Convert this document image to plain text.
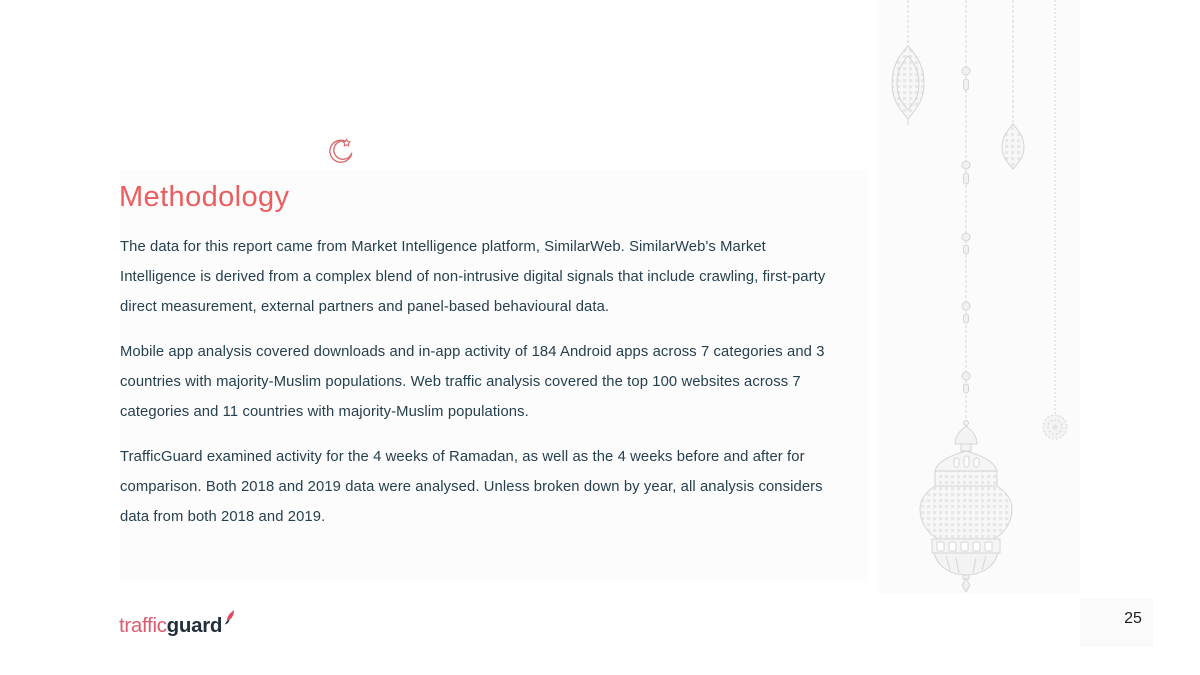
Methodology

The data for this report came from Market Intelligence platform, SimilarWeb. SimilarWeb's Market Intelligence is derived from a complex blend of non-intrusive digital signals that include crawling, first-party direct measurement, external partners and panel-based behavioural data.

Mobile app analysis covered downloads and in-app activity of 184 Android apps across 7 categories and 3 countries with majority-Muslim populations. Web traffic analysis covered the top 100 websites across 7 categories and 11 countries with majority-Muslim populations.

TrafficGuard examined activity for the 4 weeks of Ramadan, as well as the 4 weeks before and after for comparison. Both 2018 and 2019 data were analysed. Unless broken down by year, all analysis considers data from both 2018 and 2019.

trafficguard	25
